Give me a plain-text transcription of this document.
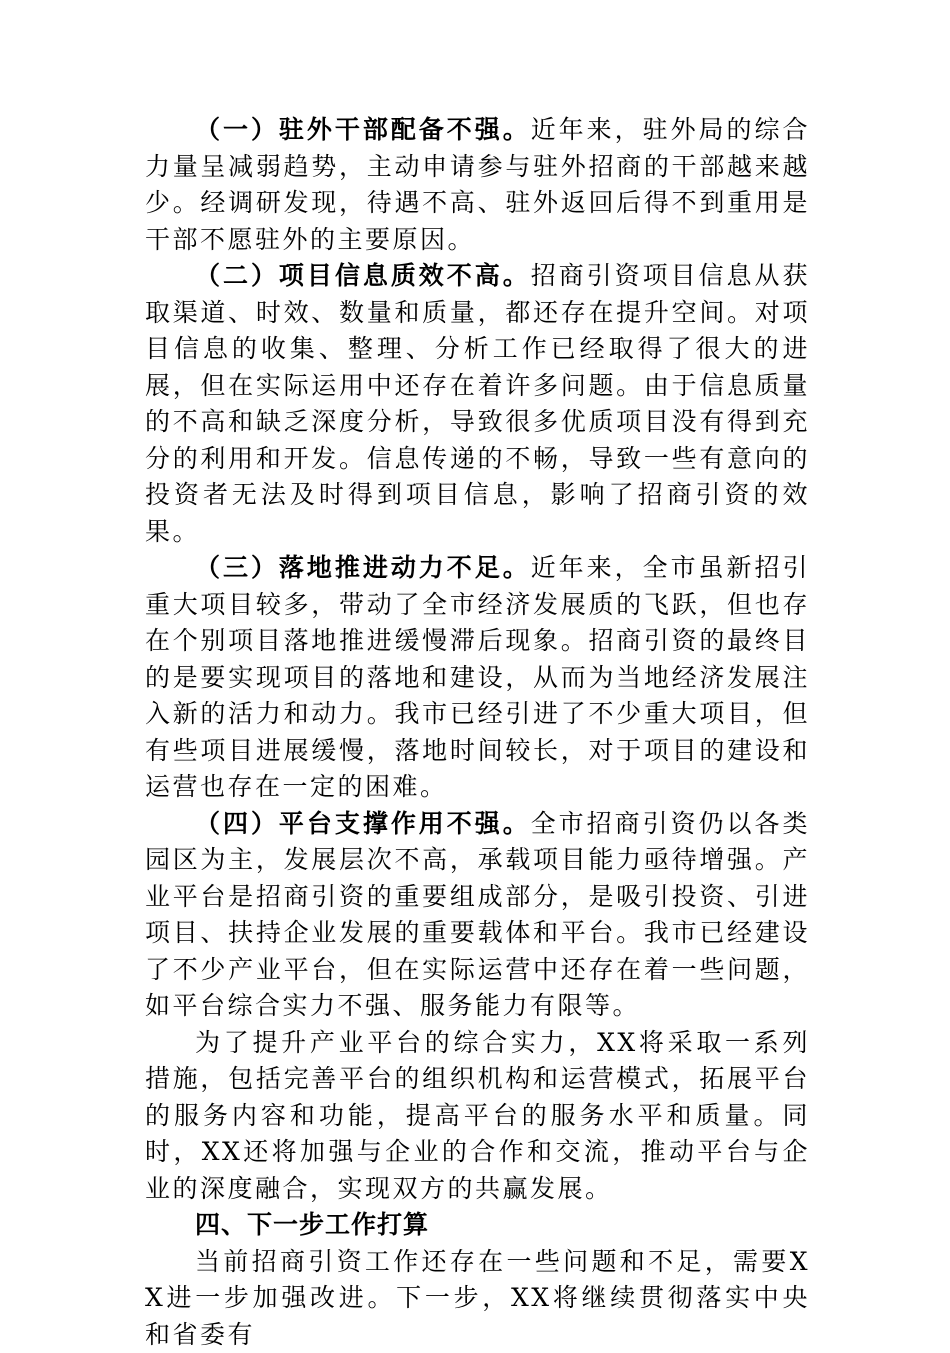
（一）驻外干部配备不强。近年来，驻外局的综合力量呈减弱趋势，主动申请参与驻外招商的干部越来越少。经调研发现，待遇不高、驻外返回后得不到重用是干部不愿驻外的主要原因。

（二）项目信息质效不高。招商引资项目信息从获取渠道、时效、数量和质量，都还存在提升空间。对项目信息的收集、整理、分析工作已经取得了很大的进展，但在实际运用中还存在着许多问题。由于信息质量的不高和缺乏深度分析，导致很多优质项目没有得到充分的利用和开发。信息传递的不畅，导致一些有意向的投资者无法及时得到项目信息，影响了招商引资的效果。

（三）落地推进动力不足。近年来，全市虽新招引重大项目较多，带动了全市经济发展质的飞跃，但也存在个别项目落地推进缓慢滞后现象。招商引资的最终目的是要实现项目的落地和建设，从而为当地经济发展注入新的活力和动力。我市已经引进了不少重大项目，但有些项目进展缓慢，落地时间较长，对于项目的建设和运营也存在一定的困难。

（四）平台支撑作用不强。全市招商引资仍以各类园区为主，发展层次不高，承载项目能力亟待增强。产业平台是招商引资的重要组成部分，是吸引投资、引进项目、扶持企业发展的重要载体和平台。我市已经建设了不少产业平台，但在实际运营中还存在着一些问题，如平台综合实力不强、服务能力有限等。

为了提升产业平台的综合实力，XX将采取一系列措施，包括完善平台的组织机构和运营模式，拓展平台的服务内容和功能，提高平台的服务水平和质量。同时，XX还将加强与企业的合作和交流，推动平台与企业的深度融合，实现双方的共赢发展。

四、下一步工作打算

当前招商引资工作还存在一些问题和不足，需要XX进一步加强改进。下一步，XX将继续贯彻落实中央和省委有
